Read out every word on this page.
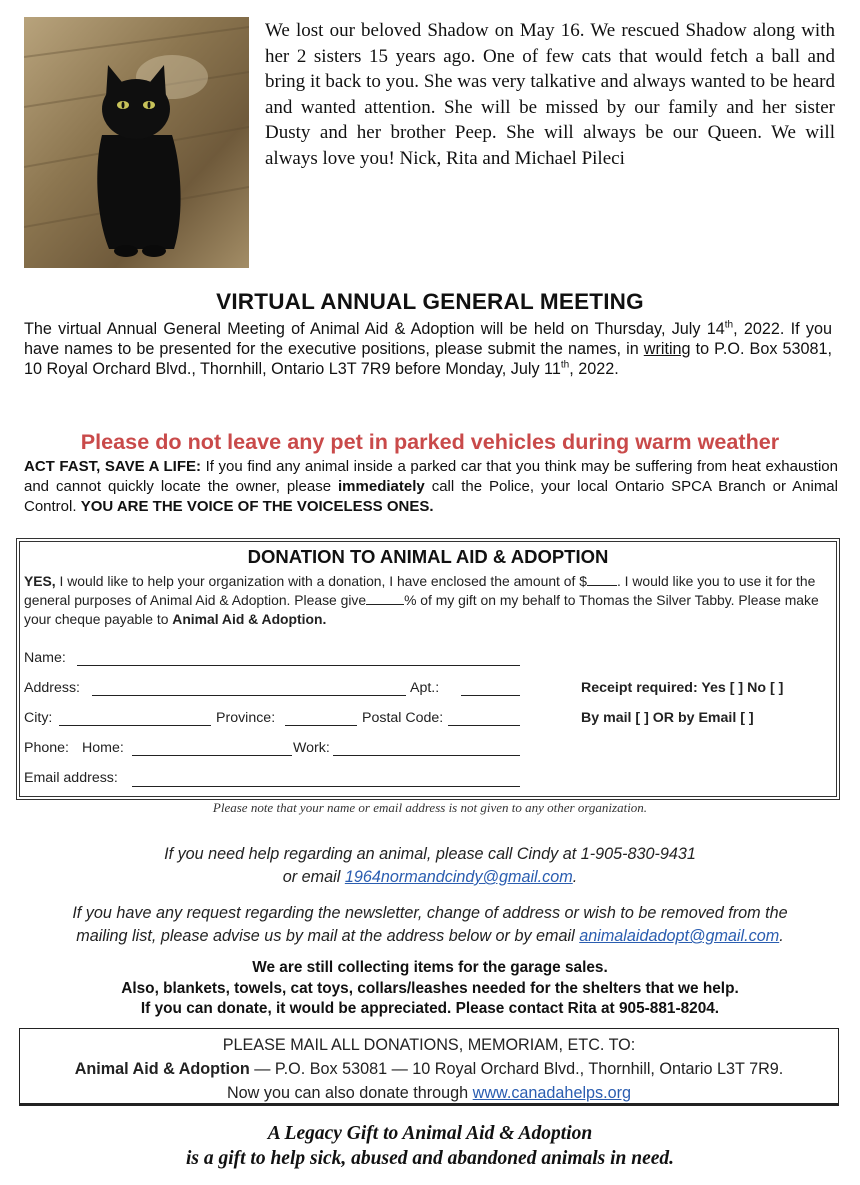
We lost our beloved Shadow on May 16. We rescued Shadow along with her 2 sisters 15 years ago. One of few cats that would fetch a ball and bring it back to you. She was very talkative and always wanted to be heard and wanted attention. She will be missed by our family and her sister Dusty and her brother Peep. She will always be our Queen. We will always love you! Nick, Rita and Michael Pileci
VIRTUAL ANNUAL GENERAL MEETING
The virtual Annual General Meeting of Animal Aid & Adoption will be held on Thursday, July 14th, 2022. If you have names to be presented for the executive positions, please submit the names, in writing to P.O. Box 53081, 10 Royal Orchard Blvd., Thornhill, Ontario L3T 7R9 before Monday, July 11th, 2022.
Please do not leave any pet in parked vehicles during warm weather
ACT FAST, SAVE A LIFE: If you find any animal inside a parked car that you think may be suffering from heat exhaustion and cannot quickly locate the owner, please immediately call the Police, your local Ontario SPCA Branch or Animal Control. YOU ARE THE VOICE OF THE VOICELESS ONES.
DONATION TO ANIMAL AID & ADOPTION
YES, I would like to help your organization with a donation, I have enclosed the amount of $ . I would like you to use it for the general purposes of Animal Aid & Adoption. Please give	% of my gift on my behalf to Thomas the Silver Tabby. Please make your cheque payable to Animal Aid & Adoption.
Name:
Address:	Apt.:
City:	Province:	Postal Code:
Phone: Home:	Work:
Email address:
Receipt required: Yes [ ] No [ ]
By mail [ ] OR by Email [ ]
Please note that your name or email address is not given to any other organization.
If you need help regarding an animal, please call Cindy at 1-905-830-9431
or email 1964normandcindy@gmail.com.
If you have any request regarding the newsletter, change of address or wish to be removed from the
mailing list, please advise us by mail at the address below or by email animalaidadopt@gmail.com.
We are still collecting items for the garage sales.
Also, blankets, towels, cat toys, collars/leashes needed for the shelters that we help.
If you can donate, it would be appreciated. Please contact Rita at 905-881-8204.
PLEASE MAIL ALL DONATIONS, MEMORIAM, ETC. TO:
Animal Aid & Adoption — P.O. Box 53081 — 10 Royal Orchard Blvd., Thornhill, Ontario L3T 7R9.
Now you can also donate through www.canadahelps.org
A Legacy Gift to Animal Aid & Adoption
is a gift to help sick, abused and abandoned animals in need.
